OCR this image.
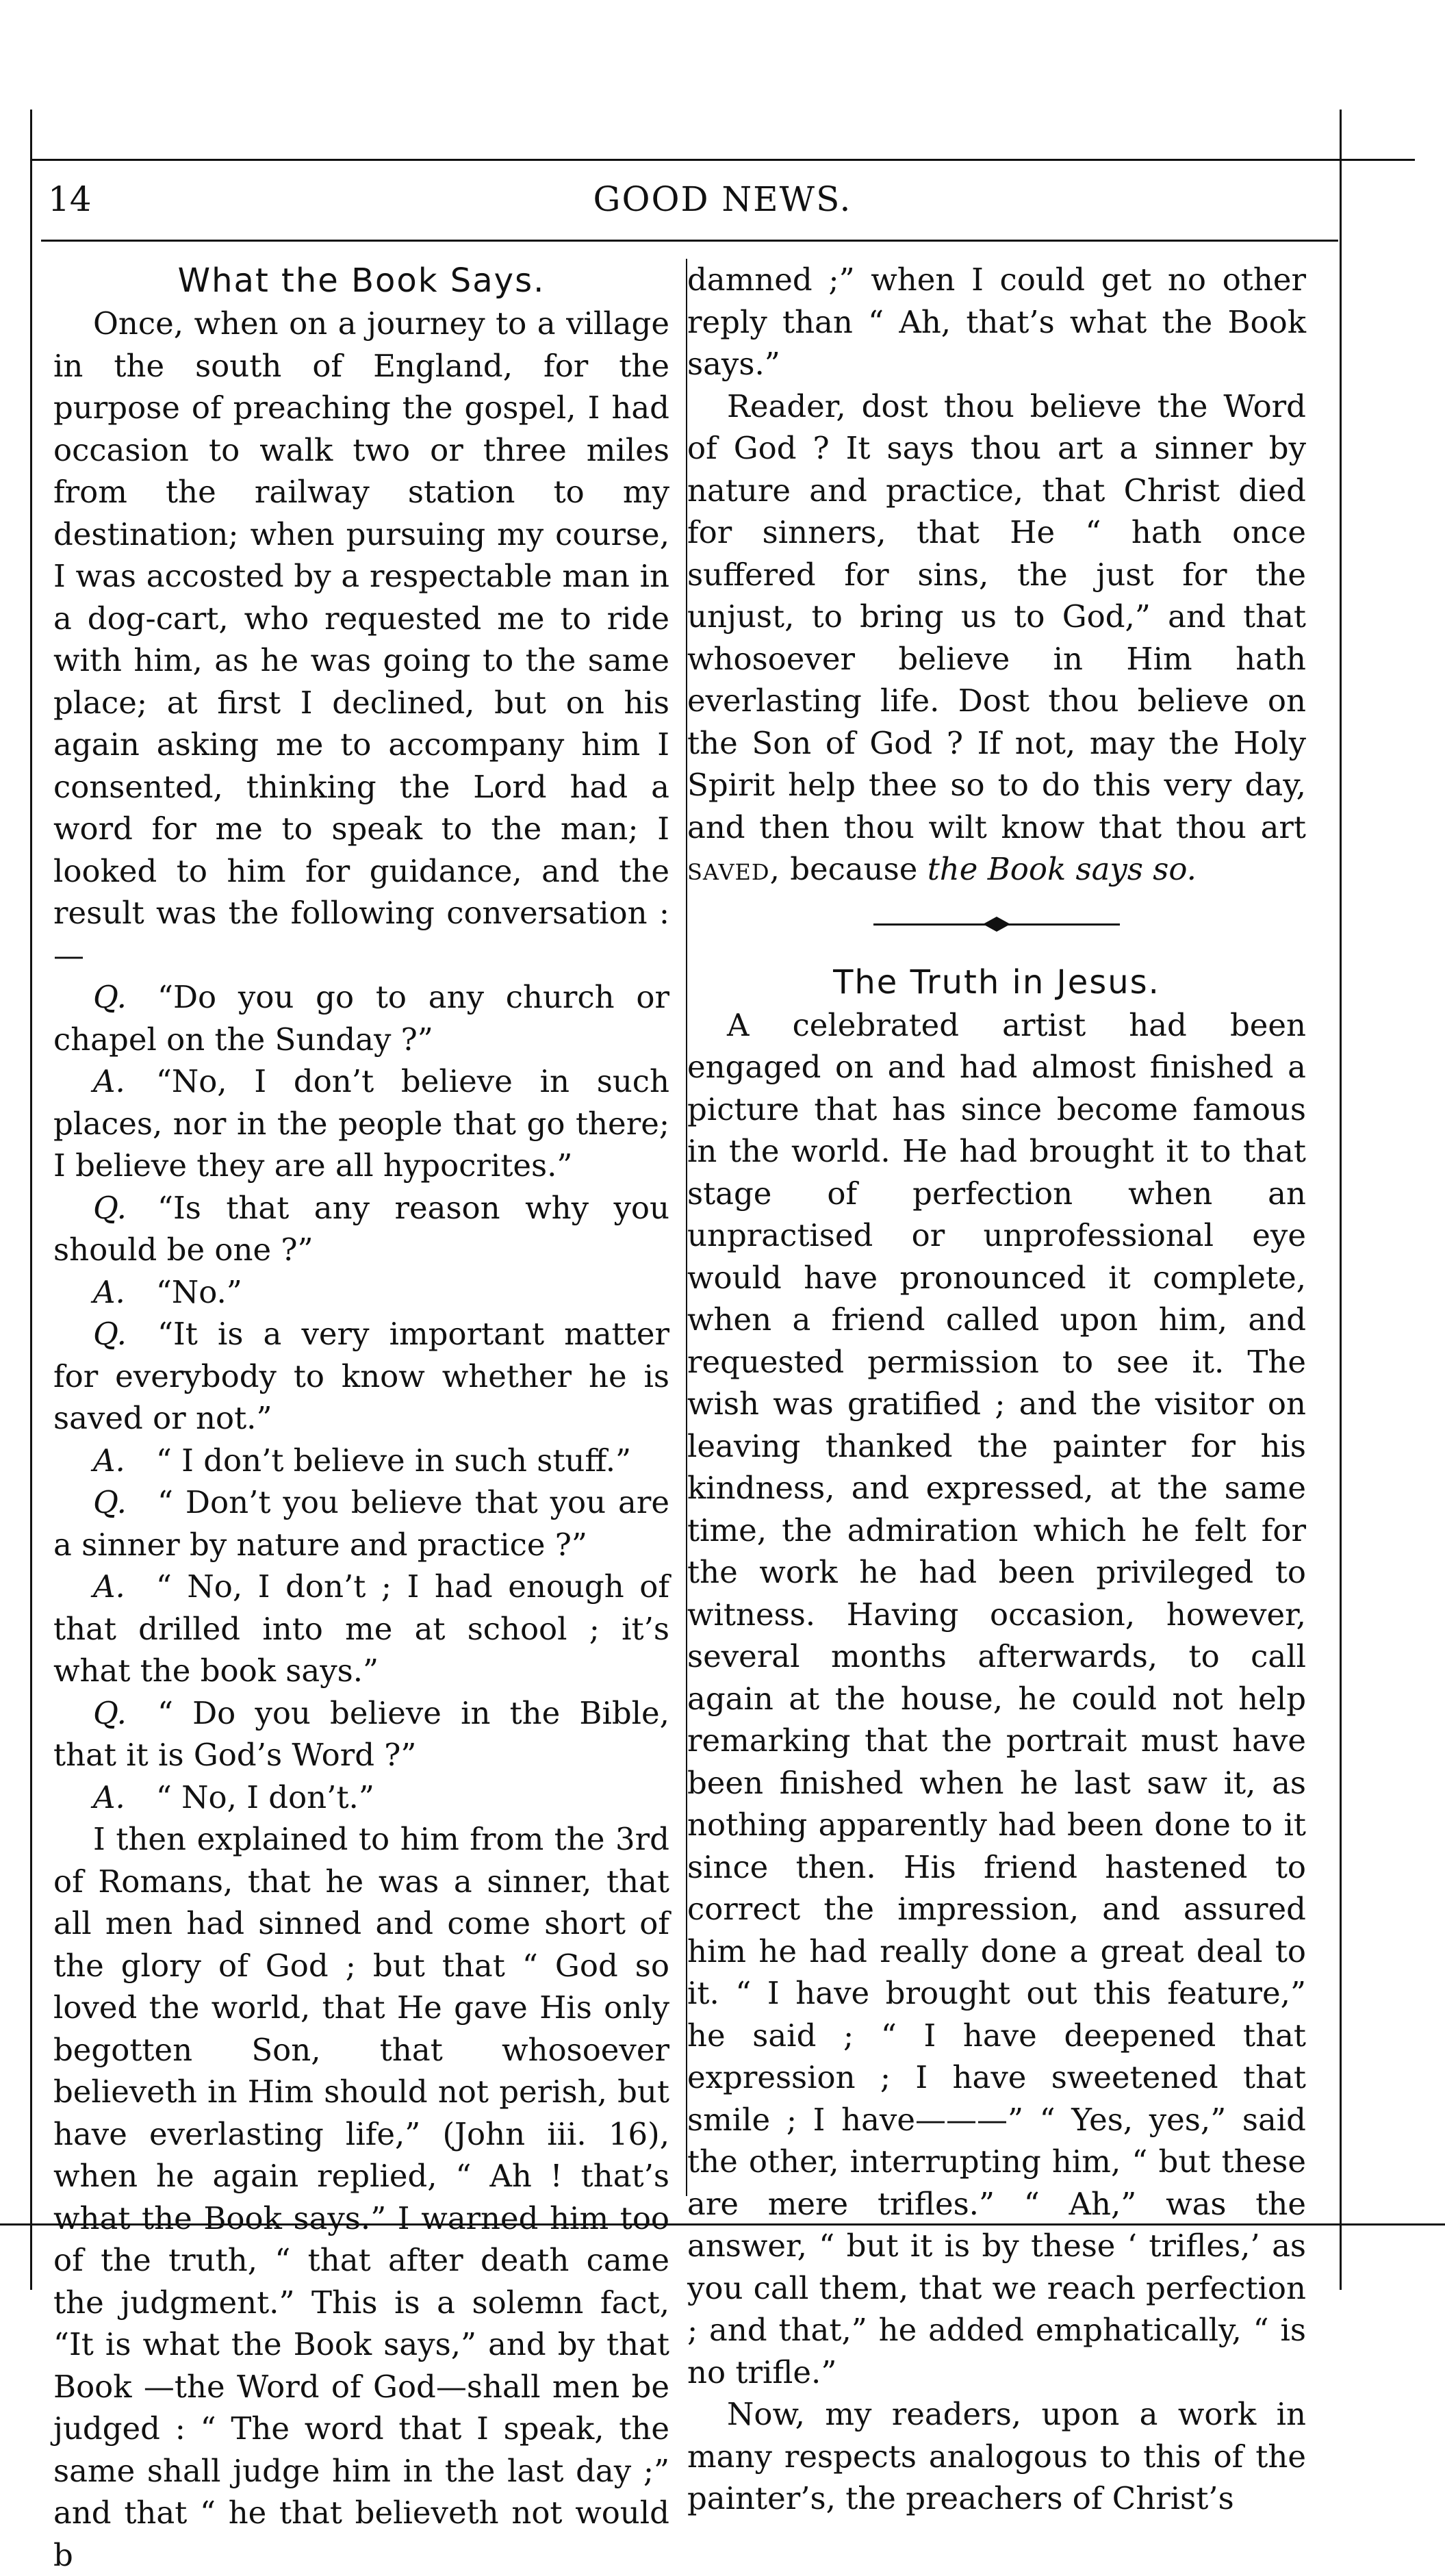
14	GOOD NEWS.
What the Book Says.

Once, when on a journey to a village in the south of England, for the purpose of preaching the gospel, I had occasion to walk two or three miles from the railway station to my destination; when pursuing my course, I was accosted by a respectable man in a dog-cart, who requested me to ride with him, as he was going to the same place; at first I declined, but on his again asking me to accompany him I consented, thinking the Lord had a word for me to speak to the man; I looked to him for guidance, and the result was the following conversation :—

Q.  “Do you go to any church or chapel on the Sunday ?”

A.  “No, I don’t believe in such places, nor in the people that go there; I believe they are all hypocrites.”

Q.  “Is that any reason why you should be one ?”

A.  “No.”

Q.  “It is a very important matter for everybody to know whether he is saved or not.”

A.  “ I don’t believe in such stuff.”

Q.  “ Don’t you believe that you are a sinner by nature and practice ?”

A.  “ No, I don’t ; I had enough of that drilled into me at school ; it’s what the book says.”

Q.  “ Do you believe in the Bible, that it is God’s Word ?”

A.  “ No, I don’t.”

I then explained to him from the 3rd of Romans, that he was a sinner, that all men had sinned and come short of the glory of God ; but that “ God so loved the world, that He gave His only begotten Son, that whosoever believeth in Him should not perish, but have everlasting life,” (John iii. 16), when he again replied, “ Ah ! that’s what the Book says.” I warned him too of the truth, “ that after death came the judgment.” This is a solemn fact, “It is what the Book says,” and by that Book —the Word of God—shall men be judged : “ The word that I speak, the same shall judge him in the last day ;” and that “ he that believeth not would b

damned ;” when I could get no other reply than “ Ah, that’s what the Book says.”

Reader, dost thou believe the Word of God ? It says thou art a sinner by nature and practice, that Christ died for sinners, that He “ hath once suffered for sins, the just for the unjust, to bring us to God,” and that whosoever believe in Him hath everlasting life. Dost thou believe on the Son of God ? If not, may the Holy Spirit help thee so to do this very day, and then thou wilt know that thou art saved, because the Book says so.

The Truth in Jesus.

A celebrated artist had been engaged on and had almost finished a picture that has since become famous in the world. He had brought it to that stage of perfection when an unpractised or unprofessional eye would have pronounced it complete, when a friend called upon him, and requested permission to see it. The wish was gratified ; and the visitor on leaving thanked the painter for his kindness, and expressed, at the same time, the admiration which he felt for the work he had been privileged to witness. Having occasion, however, several months afterwards, to call again at the house, he could not help remarking that the portrait must have been finished when he last saw it, as nothing apparently had been done to it since then. His friend hastened to correct the impression, and assured him he had really done a great deal to it. “ I have brought out this feature,” he said ; “ I have deepened that expression ; I have sweetened that smile ; I have———” “ Yes, yes,” said the other, interrupting him, “ but these are mere trifles.” “ Ah,” was the answer, “ but it is by these ‘ trifles,’ as you call them, that we reach perfection ; and that,” he added emphatically, “ is no trifle.”

Now, my readers, upon a work in many respects analogous to this of the painter’s, the preachers of Christ’s
